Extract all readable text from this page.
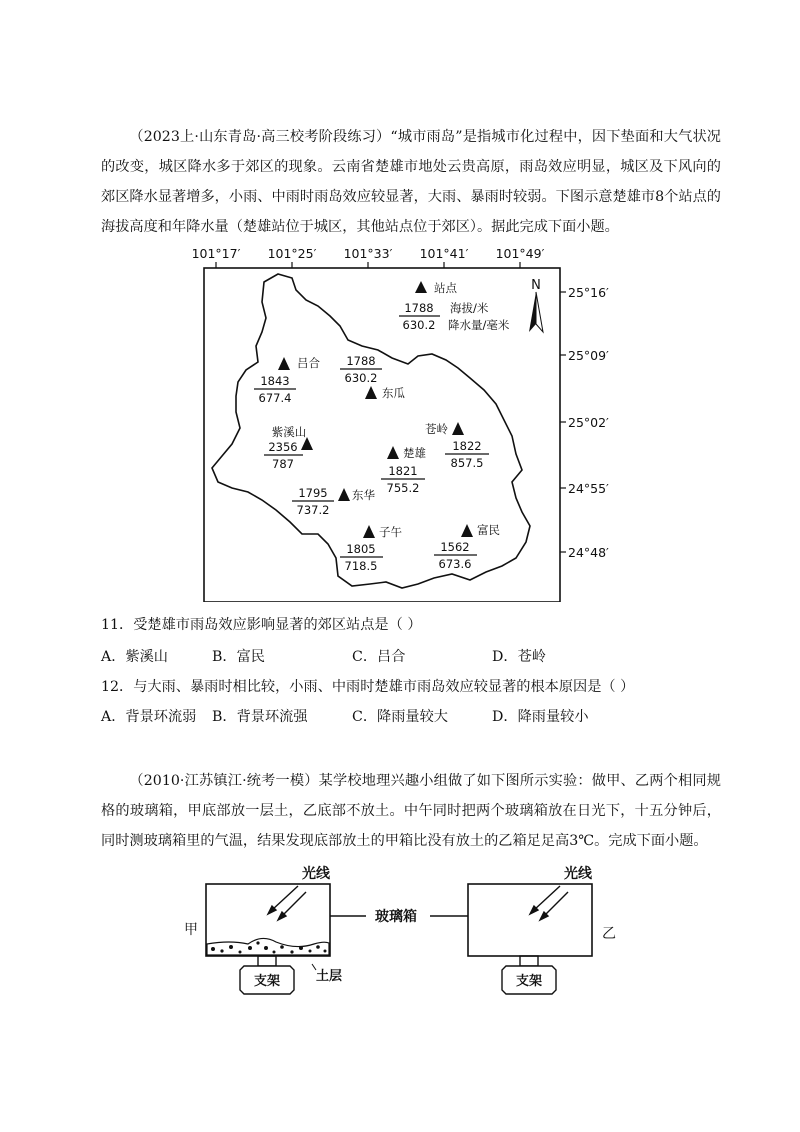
（2023上·山东青岛·高三校考阶段练习）“城市雨岛”是指城市化过程中，因下垫面和大气状况的改变，城区降水多于郊区的现象。云南省楚雄市地处云贵高原，雨岛效应明显，城区及下风向的郊区降水显著增多，小雨、中雨时雨岛效应较显著，大雨、暴雨时较弱。下图示意楚雄市8个站点的海拔高度和年降水量（楚雄站位于城区，其他站点位于郊区）。据此完成下面小题。

101°17′ 101°25′ 101°33′ 101°41′ 101°49′
25°16′
25°09′
25°02′
24°55′
24°48′
N
站点
1788
630.2
海拔/米
降水量/毫米
吕合
1843
677.4
1788
630.2
东瓜
紫溪山
2356
787
楚雄
1821
755.2
苍岭
1822
857.5
1795
737.2
东华
子午
1805
718.5
富民
1562
673.6

11．受楚雄市雨岛效应影响显著的郊区站点是（ ）

A．紫溪山	B．富民	C．吕合	D．苍岭

12．与大雨、暴雨时相比较，小雨、中雨时楚雄市雨岛效应较显著的根本原因是（ ）

A．背景环流弱 B．背景环流强	C．降雨量较大	D．降雨量较小

（2010·江苏镇江·统考一模）某学校地理兴趣小组做了如下图所示实验：做甲、乙两个相同规格的玻璃箱，甲底部放一层土，乙底部不放土。中午同时把两个玻璃箱放在日光下，十五分钟后，同时测玻璃箱里的气温，结果发现底部放土的甲箱比没有放土的乙箱足足高3℃。完成下面小题。

光线
甲
支架	土层
玻璃箱
光线
乙
支架
